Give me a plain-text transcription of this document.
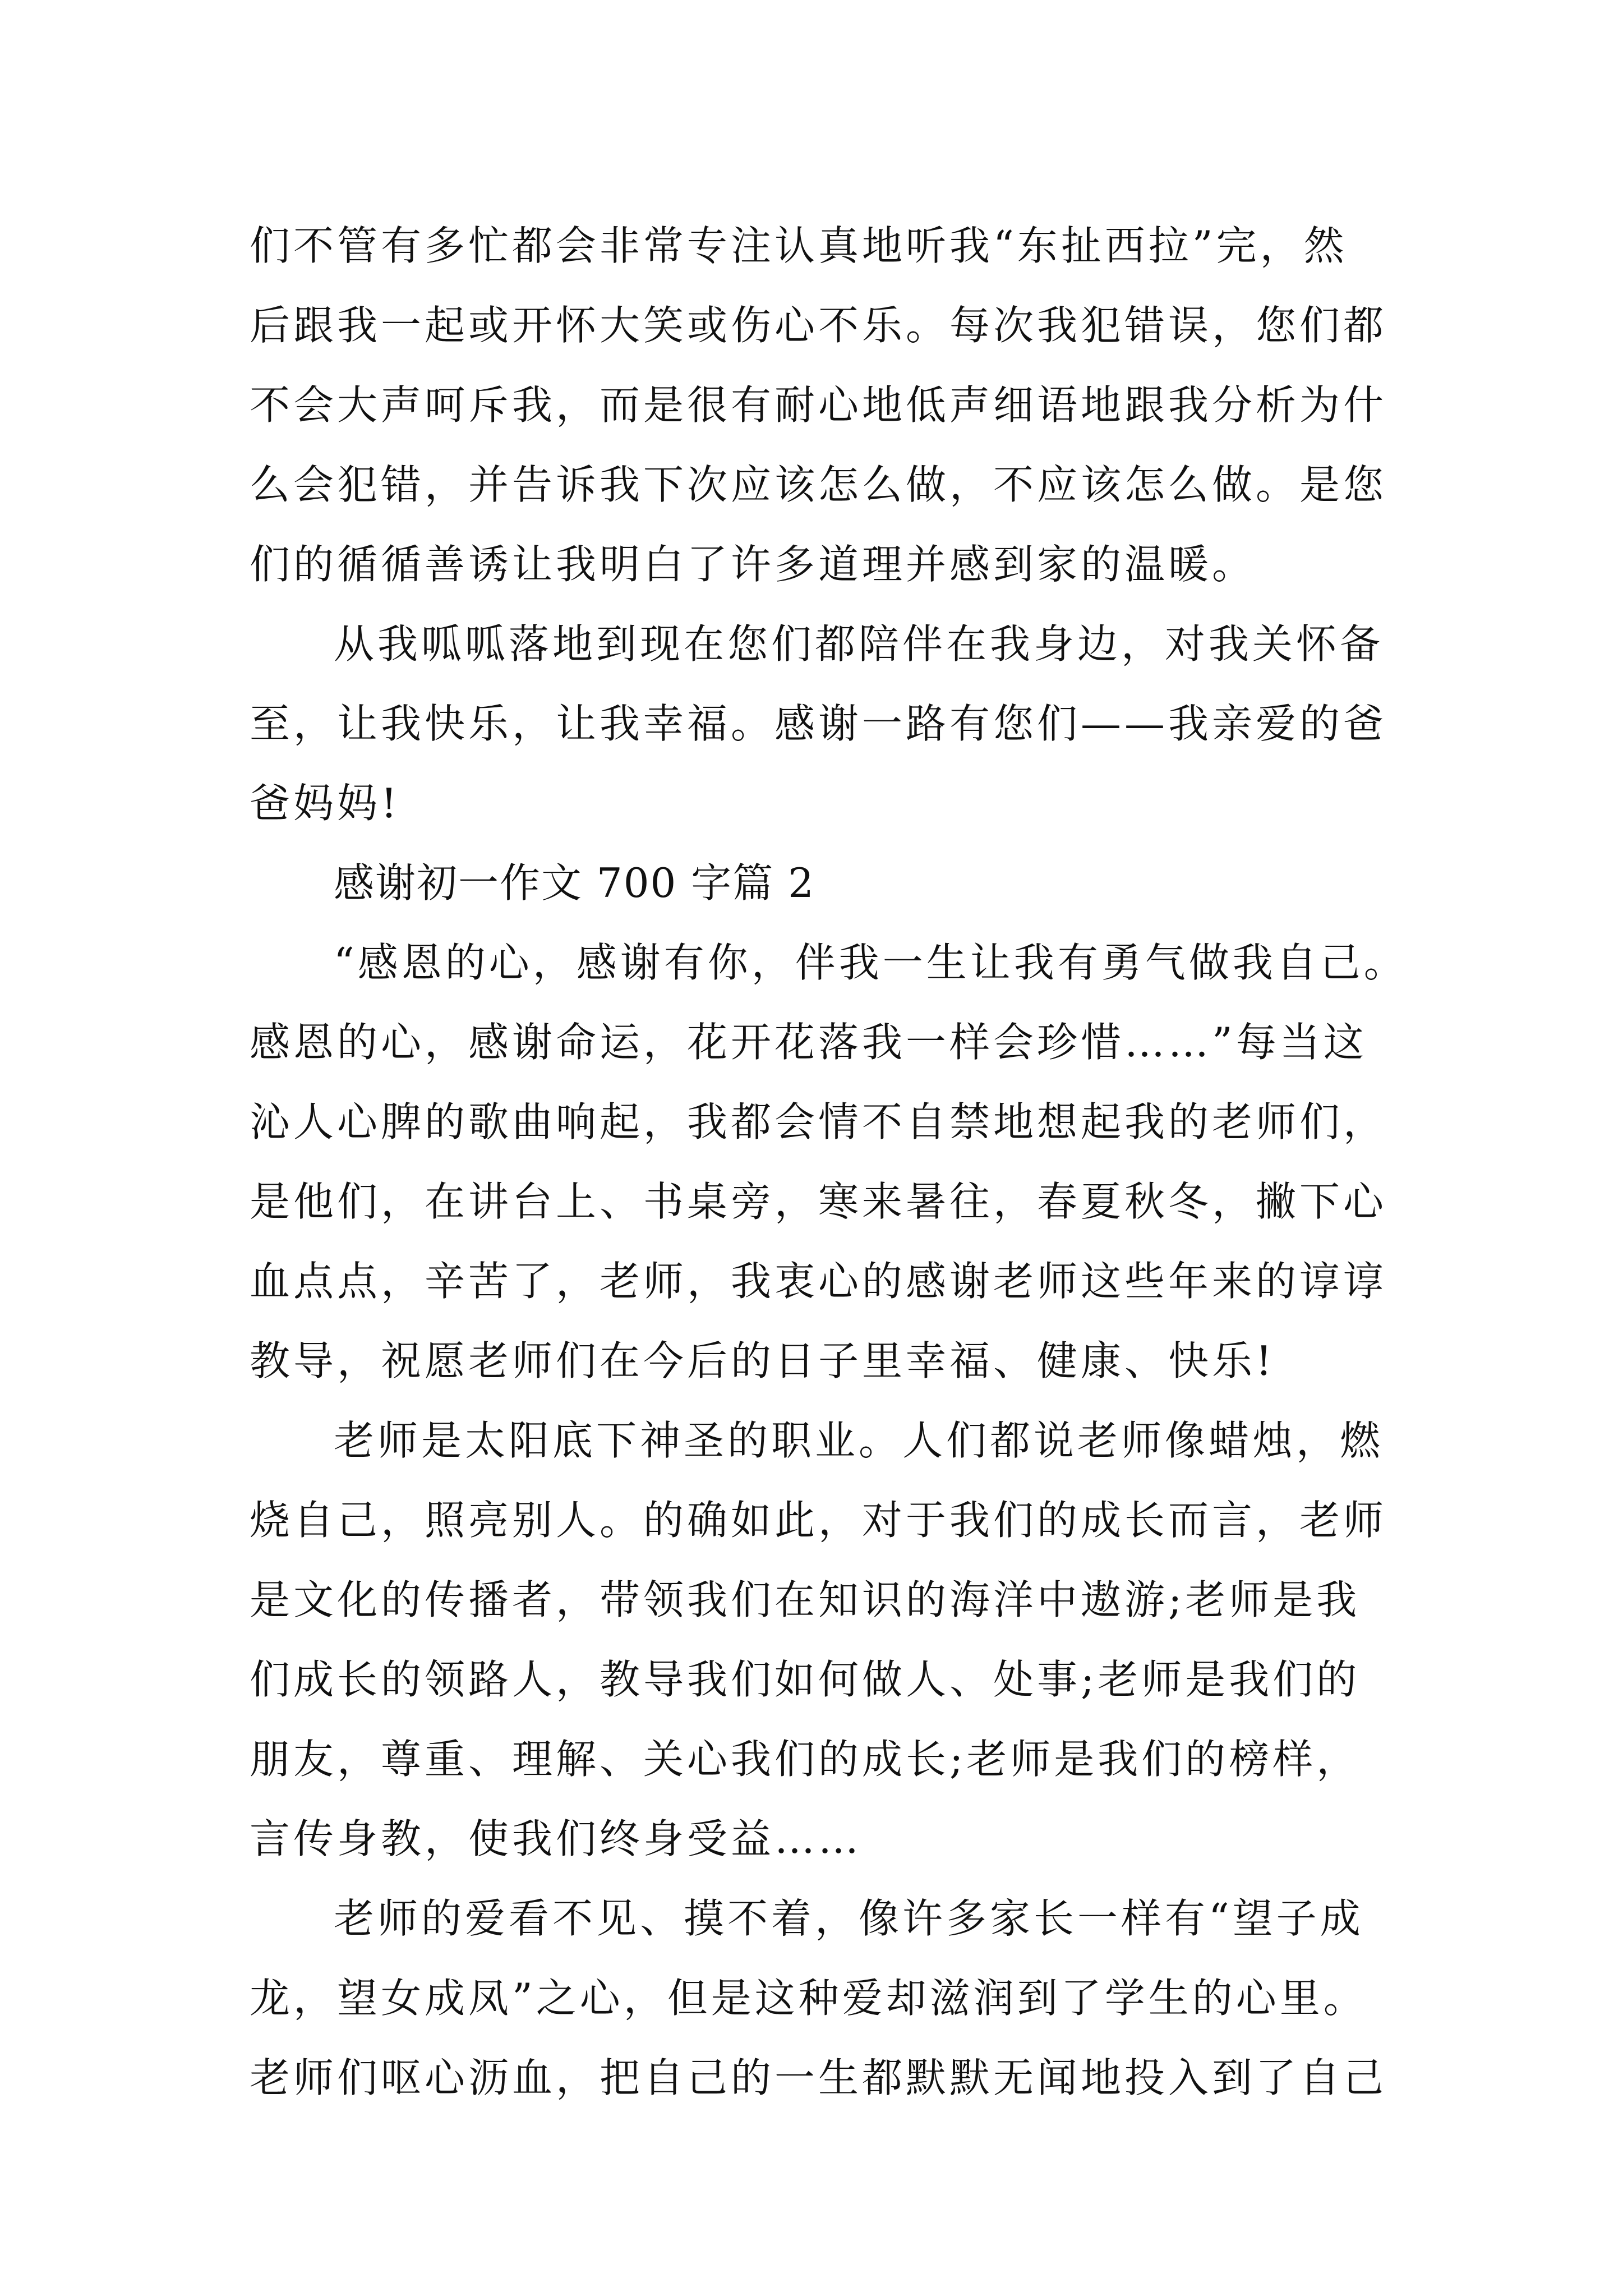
们不管有多忙都会非常专注认真地听我“东扯西拉”完，然
后跟我一起或开怀大笑或伤心不乐。每次我犯错误，您们都
不会大声呵斥我，而是很有耐心地低声细语地跟我分析为什
么会犯错，并告诉我下次应该怎么做，不应该怎么做。是您
们的循循善诱让我明白了许多道理并感到家的温暖。
从我呱呱落地到现在您们都陪伴在我身边，对我关怀备
至，让我快乐，让我幸福。感谢一路有您们——我亲爱的爸
爸妈妈!
感谢初一作文 700 字篇 2
“感恩的心，感谢有你，伴我一生让我有勇气做我自己。
感恩的心，感谢命运，花开花落我一样会珍惜……”每当这
沁人心脾的歌曲响起，我都会情不自禁地想起我的老师们，
是他们，在讲台上、书桌旁，寒来暑往，春夏秋冬，撇下心
血点点，辛苦了，老师，我衷心的感谢老师这些年来的谆谆
教导，祝愿老师们在今后的日子里幸福、健康、快乐!
老师是太阳底下神圣的职业。人们都说老师像蜡烛，燃
烧自己，照亮别人。的确如此，对于我们的成长而言，老师
是文化的传播者，带领我们在知识的海洋中遨游;老师是我
们成长的领路人，教导我们如何做人、处事;老师是我们的
朋友，尊重、理解、关心我们的成长;老师是我们的榜样，
言传身教，使我们终身受益……
老师的爱看不见、摸不着，像许多家长一样有“望子成
龙，望女成凤”之心，但是这种爱却滋润到了学生的心里。
老师们呕心沥血，把自己的一生都默默无闻地投入到了自己
